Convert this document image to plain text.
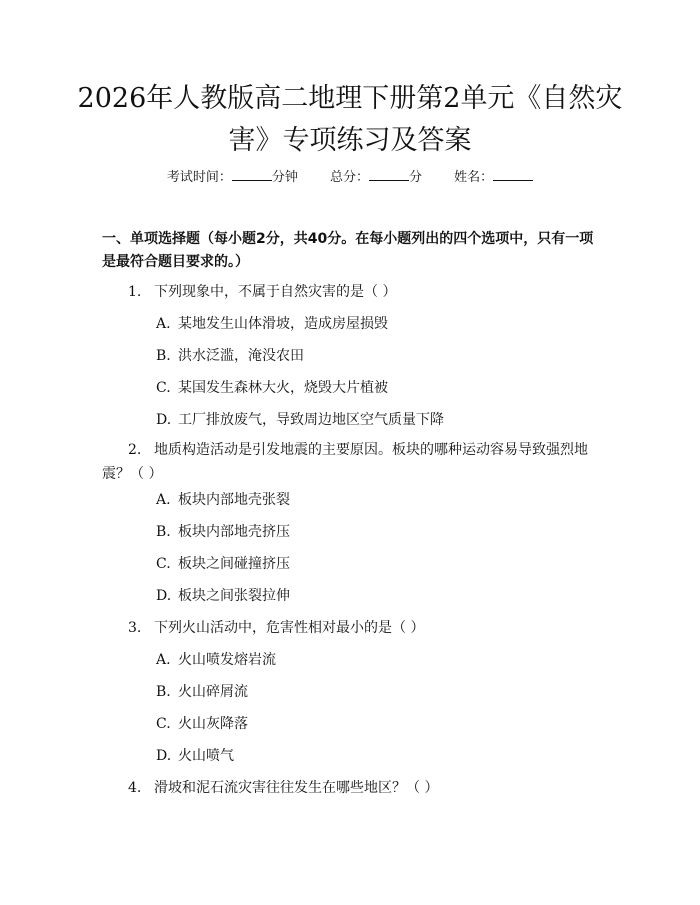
2026年人教版高二地理下册第2单元《自然灾害》专项练习及答案
考试时间：	分钟 总分：	分 姓名：

一、单项选择题（每小题2分，共40分。在每小题列出的四个选项中，只有一项是最符合题目要求的。）

1. 下列现象中，不属于自然灾害的是（ ）
A. 某地发生山体滑坡，造成房屋损毁
B. 洪水泛滥，淹没农田
C. 某国发生森林大火，烧毁大片植被
D. 工厂排放废气，导致周边地区空气质量下降
2. 地质构造活动是引发地震的主要原因。板块的哪种运动容易导致强烈地震？（ ）
A. 板块内部地壳张裂
B. 板块内部地壳挤压
C. 板块之间碰撞挤压
D. 板块之间张裂拉伸
3. 下列火山活动中，危害性相对最小的是（ ）
A. 火山喷发熔岩流
B. 火山碎屑流
C. 火山灰降落
D. 火山喷气
4. 滑坡和泥石流灾害往往发生在哪些地区？（ ）
